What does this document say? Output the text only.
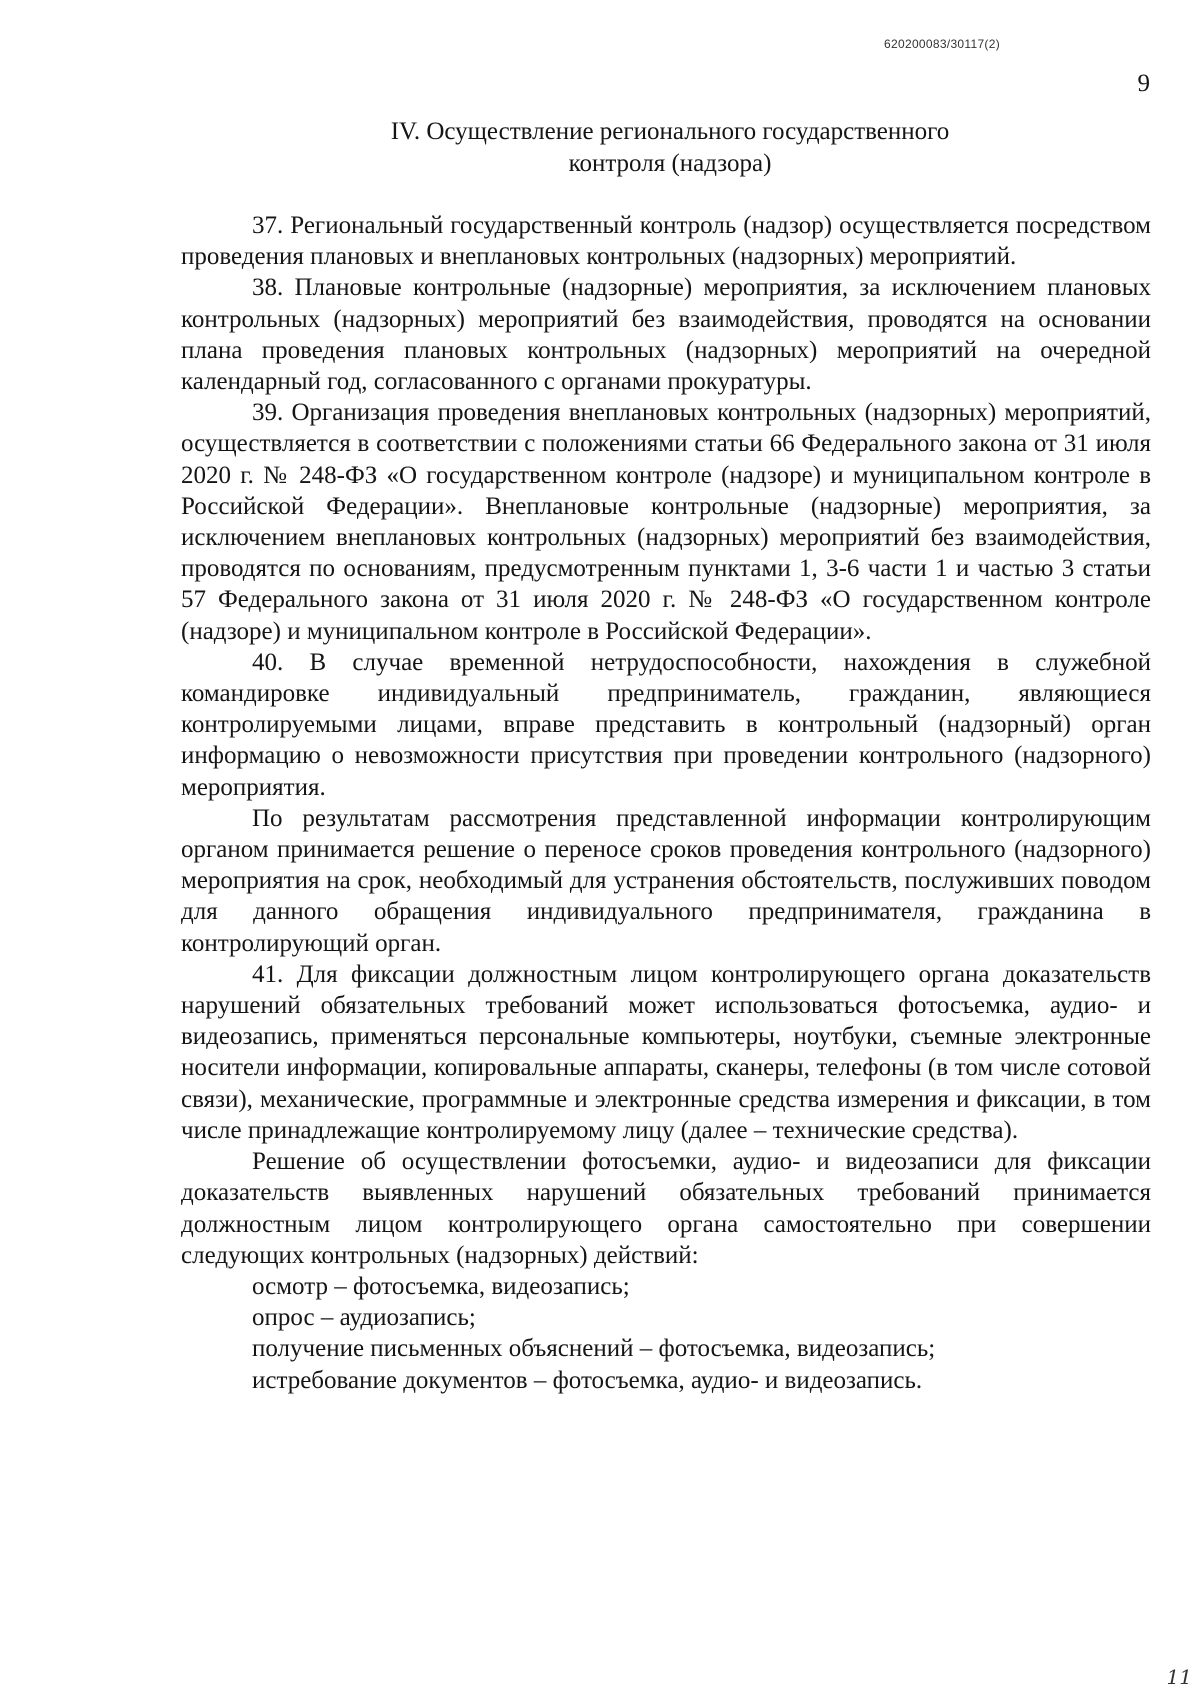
620200083/30117(2)
9
IV. Осуществление регионального государственного
контроля (надзора)

37. Региональный государственный контроль (надзор) осуществляется посредством проведения плановых и внеплановых контрольных (надзорных) мероприятий.

38. Плановые контрольные (надзорные) мероприятия, за исключением плановых контрольных (надзорных) мероприятий без взаимодействия, проводятся на основании плана проведения плановых контрольных (надзорных) мероприятий на очередной календарный год, согласованного с органами прокуратуры.

39. Организация проведения внеплановых контрольных (надзорных) мероприятий, осуществляется в соответствии с положениями статьи 66 Федерального закона от 31 июля 2020 г. № 248-ФЗ «О государственном контроле (надзоре) и муниципальном контроле в Российской Федерации». Внеплановые контрольные (надзорные) мероприятия, за исключением внеплановых контрольных (надзорных) мероприятий без взаимодействия, проводятся по основаниям, предусмотренным пунктами 1, 3-6 части 1 и частью 3 статьи 57 Федерального закона от 31 июля 2020 г. № 248-ФЗ «О государственном контроле (надзоре) и муниципальном контроле в Российской Федерации».

40. В случае временной нетрудоспособности, нахождения в служебной командировке индивидуальный предприниматель, гражданин, являющиеся контролируемыми лицами, вправе представить в контрольный (надзорный) орган информацию о невозможности присутствия при проведении контрольного (надзорного) мероприятия.

По результатам рассмотрения представленной информации контролирующим органом принимается решение о переносе сроков проведения контрольного (надзорного) мероприятия на срок, необходимый для устранения обстоятельств, послуживших поводом для данного обращения индивидуального предпринимателя, гражданина в контролирующий орган.

41. Для фиксации должностным лицом контролирующего органа доказательств нарушений обязательных требований может использоваться фотосъемка, аудио- и видеозапись, применяться персональные компьютеры, ноутбуки, съемные электронные носители информации, копировальные аппараты, сканеры, телефоны (в том числе сотовой связи), механические, программные и электронные средства измерения и фиксации, в том числе принадлежащие контролируемому лицу (далее – технические средства).

Решение об осуществлении фотосъемки, аудио- и видеозаписи для фиксации доказательств выявленных нарушений обязательных требований принимается должностным лицом контролирующего органа самостоятельно при совершении следующих контрольных (надзорных) действий:

осмотр – фотосъемка, видеозапись;

опрос – аудиозапись;

получение письменных объяснений – фотосъемка, видеозапись;

истребование документов – фотосъемка, аудио- и видеозапись.

11
